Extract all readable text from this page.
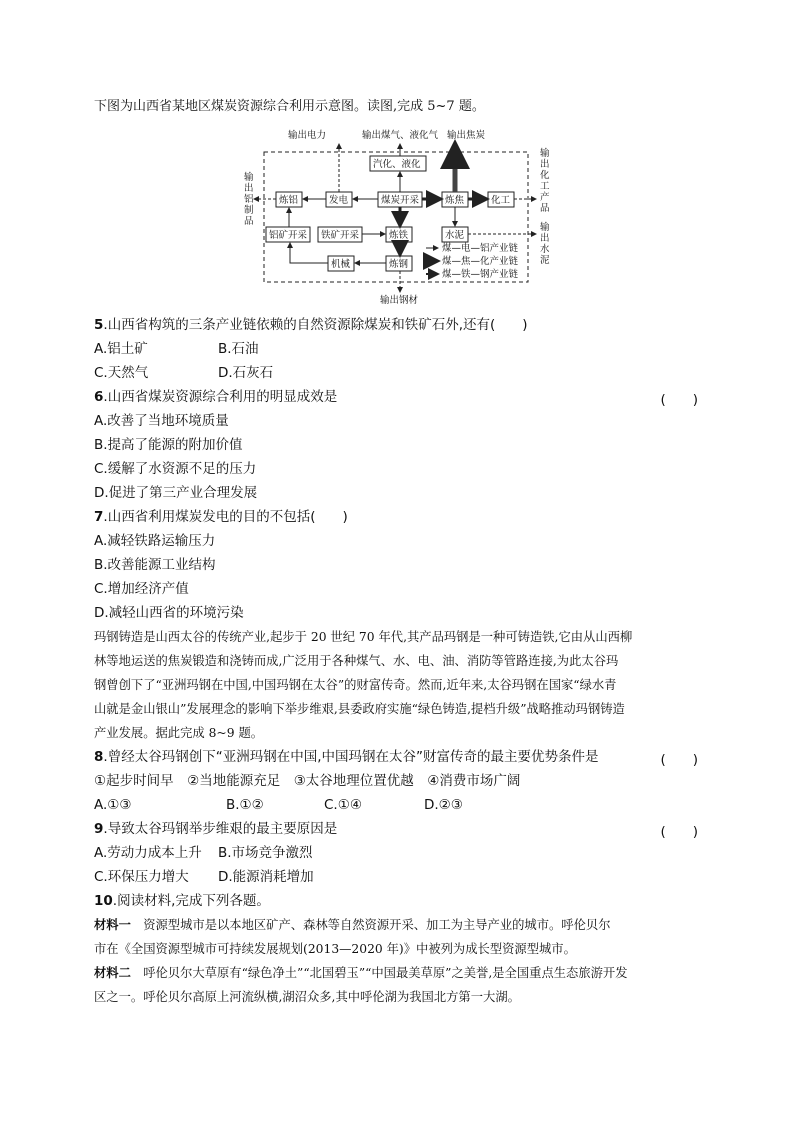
下图为山西省某地区煤炭资源综合利用示意图。读图,完成 5~7 题。
输出电力	输出煤气、液化气 输出焦炭
汽化、液化
炼铝	发电	煤炭开采	炼焦	化工
铝矿开采 铁矿开采	炼铁	水泥
机械	炼钢
输
出
铝
制
品
输
出
化
工
产
品
输
出
水
泥
煤—电—铝产业链
煤—焦—化产业链
煤—铁—钢产业链
输出钢材
5.山西省构筑的三条产业链依赖的自然资源除煤炭和铁矿石外,还有(　　)
A.铝土矿	B.石油
C.天然气	D.石灰石
6.山西省煤炭资源综合利用的明显成效是	(　　)
A.改善了当地环境质量
B.提高了能源的附加价值
C.缓解了水资源不足的压力
D.促进了第三产业合理发展
7.山西省利用煤炭发电的目的不包括(　　)
A.减轻铁路运输压力
B.改善能源工业结构
C.增加经济产值
D.减轻山西省的环境污染
玛钢铸造是山西太谷的传统产业,起步于 20 世纪 70 年代,其产品玛钢是一种可铸造铁,它由从山西柳
林等地运送的焦炭锻造和浇铸而成,广泛用于各种煤气、水、电、油、消防等管路连接,为此太谷玛
钢曾创下了“亚洲玛钢在中国,中国玛钢在太谷”的财富传奇。然而,近年来,太谷玛钢在国家“绿水青
山就是金山银山”发展理念的影响下举步维艰,县委政府实施“绿色铸造,提档升级”战略推动玛钢铸造
产业发展。据此完成 8~9 题。
8.曾经太谷玛钢创下“亚洲玛钢在中国,中国玛钢在太谷”财富传奇的最主要优势条件是	(　　)
①起步时间早　②当地能源充足　③太谷地理位置优越　④消费市场广阔
A.①③	B.①②	C.①④	D.②③
9.导致太谷玛钢举步维艰的最主要原因是	(　　)
A.劳动力成本上升	B.市场竞争激烈
C.环保压力增大	D.能源消耗增加
10.阅读材料,完成下列各题。
材料一　资源型城市是以本地区矿产、森林等自然资源开采、加工为主导产业的城市。呼伦贝尔
市在《全国资源型城市可持续发展规划(2013—2020 年)》中被列为成长型资源型城市。
材料二　呼伦贝尔大草原有“绿色净土”“北国碧玉”“中国最美草原”之美誉,是全国重点生态旅游开发
区之一。呼伦贝尔高原上河流纵横,湖沼众多,其中呼伦湖为我国北方第一大湖。
